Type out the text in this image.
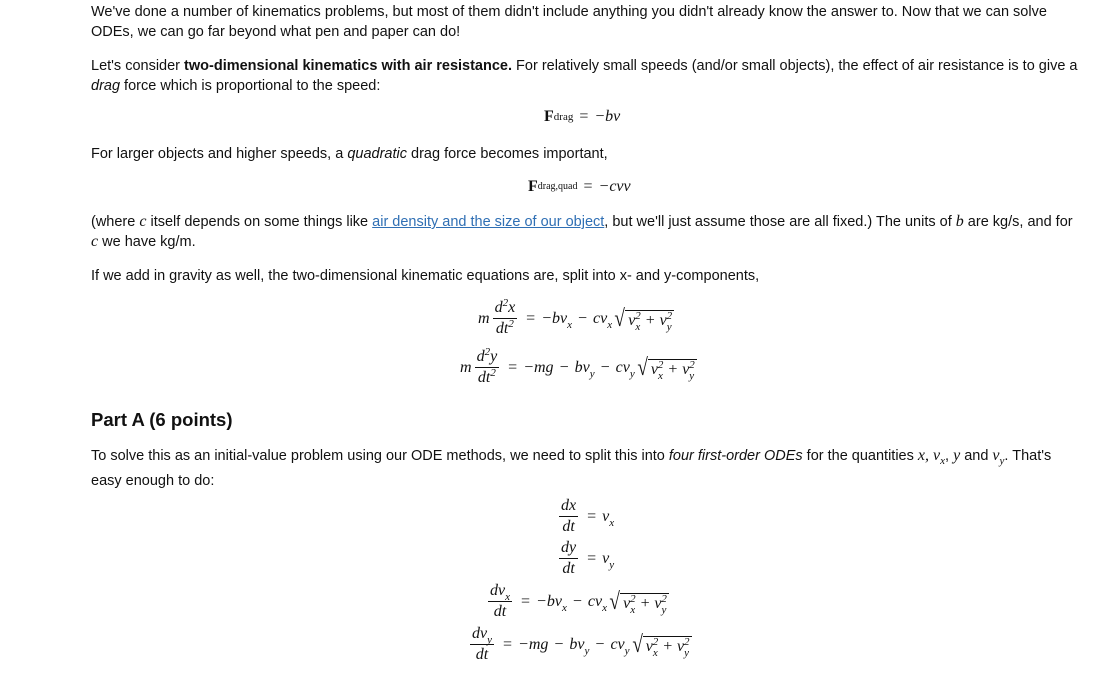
We've done a number of kinematics problems, but most of them didn't include anything you didn't already know the answer to. Now that we can solve ODEs, we can go far beyond what pen and paper can do!

Let's consider two-dimensional kinematics with air resistance. For relatively small speeds (and/or small objects), the effect of air resistance is to give a drag force which is proportional to the speed:

F drag = −bv

For larger objects and higher speeds, a quadratic drag force becomes important,

F drag,quad = −cvv

(where c itself depends on some things like air density and the size of our object, but we'll just assume those are all fixed.) The units of b are kg/s, and for c we have kg/m.

If we add in gravity as well, the two-dimensional kinematic equations are, split into x- and y-components,

m $\frac{d^2x}{dt^2} = -bv_x - cv_x$ √ $v_x^2 + v_y^2$
m $\frac{d^2y}{dt^2} = -mg - bv_y - cv_y$ √ $v_x^2 + v_y^2$
Part A (6 points)

To solve this as an initial-value problem using our ODE methods, we need to split this into four first-order ODEs for the quantities x, $v_x$, y and $v_y$. That's easy enough to do:

$\frac{dx}{dt} = v_x$
$\frac{dy}{dt} = v_y$
$\frac{dv_x}{dt} = -bv_x - cv_x$ √ $v_x^2 + v_y^2$
$\frac{dv_y}{dt} = -mg - bv_y - cv_y$ √ $v_x^2 + v_y^2$
